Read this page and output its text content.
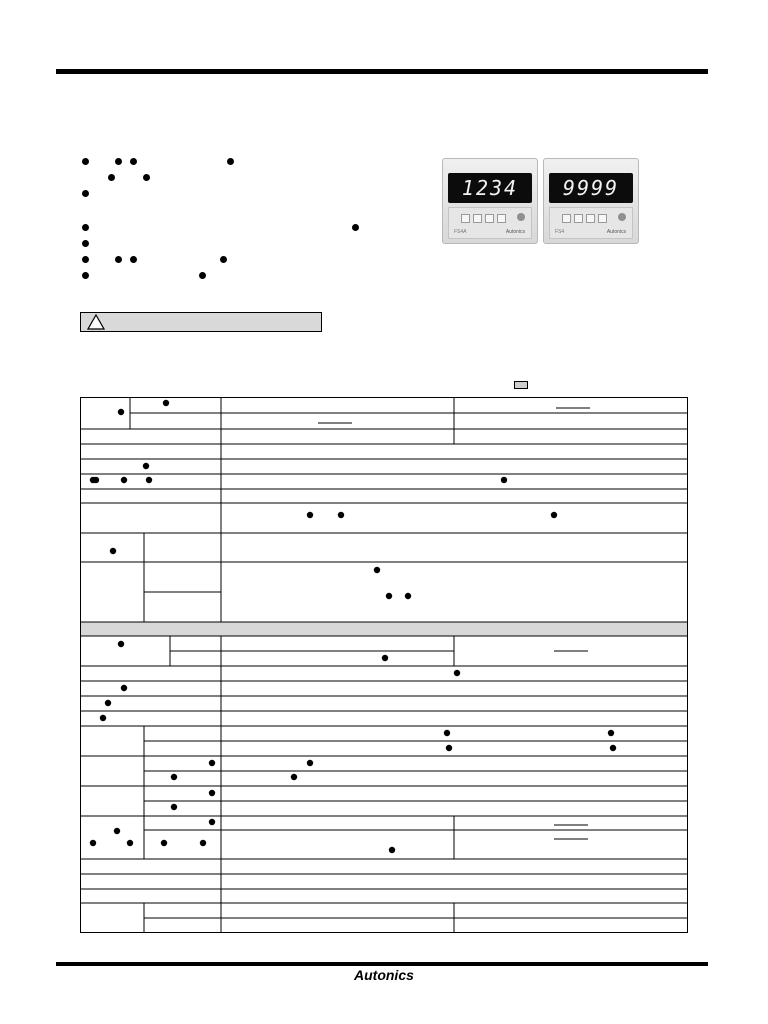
1234
FS4A	Autonics
9999
FS4	Autonics
Autonics
